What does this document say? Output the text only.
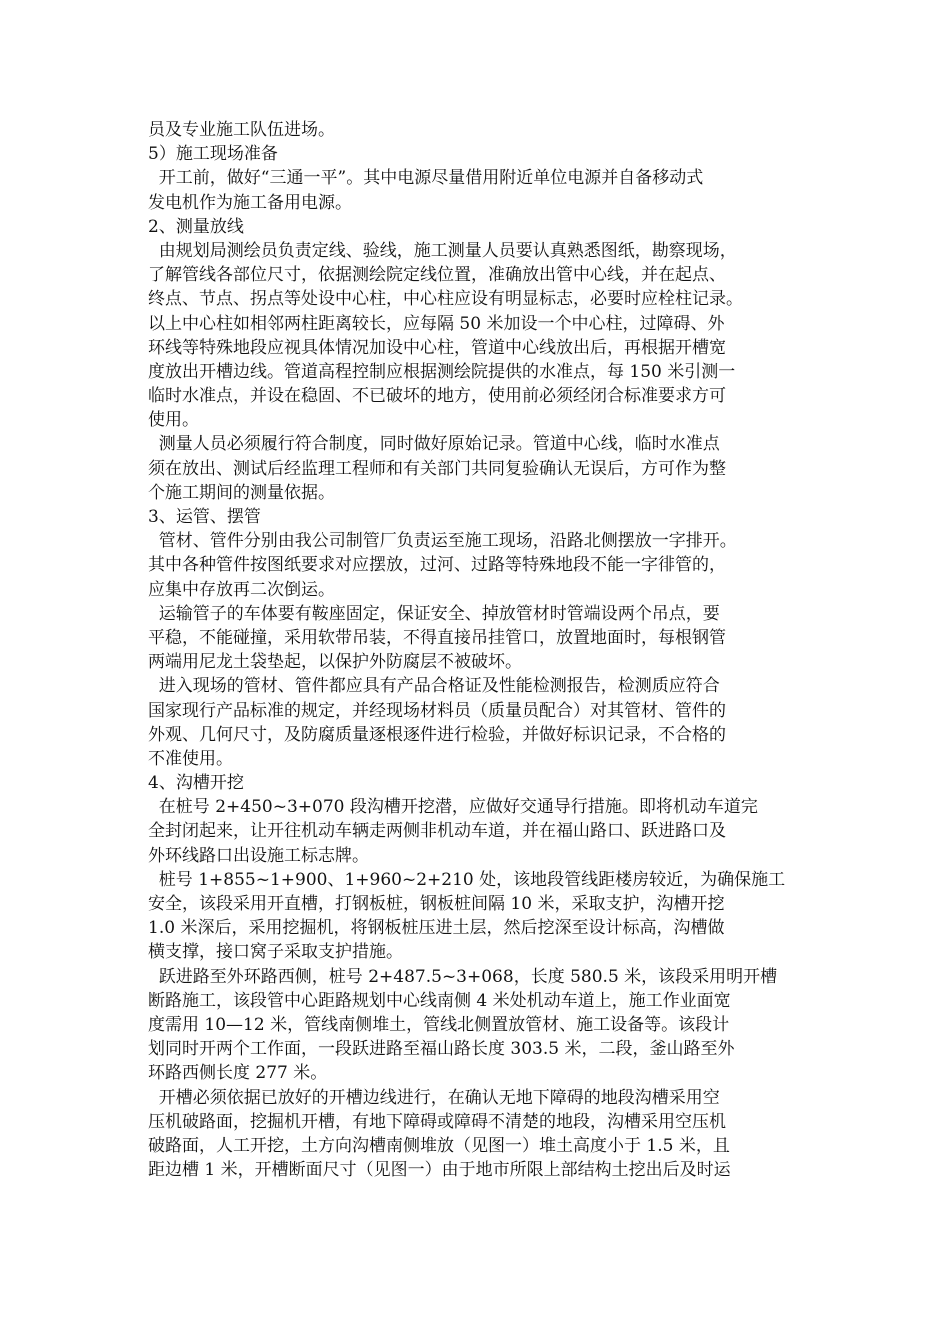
员及专业施工队伍进场。
5）施工现场准备
开工前，做好“三通一平”。其中电源尽量借用附近单位电源并自备移动式
发电机作为施工备用电源。
2、测量放线
由规划局测绘员负责定线、验线，施工测量人员要认真熟悉图纸，勘察现场，
了解管线各部位尺寸，依据测绘院定线位置，准确放出管中心线，并在起点、
终点、节点、拐点等处设中心柱，中心柱应设有明显标志，必要时应栓柱记录。
以上中心柱如相邻两柱距离较长，应每隔 50 米加设一个中心柱，过障碍、外
环线等特殊地段应视具体情况加设中心柱，管道中心线放出后，再根据开槽宽
度放出开槽边线。管道高程控制应根据测绘院提供的水准点，每 150 米引测一
临时水准点，并设在稳固、不已破坏的地方，使用前必须经闭合标准要求方可
使用。
测量人员必须履行符合制度，同时做好原始记录。管道中心线，临时水准点
须在放出、测试后经监理工程师和有关部门共同复验确认无误后，方可作为整
个施工期间的测量依据。
3、运管、摆管
管材、管件分别由我公司制管厂负责运至施工现场，沿路北侧摆放一字排开。
其中各种管件按图纸要求对应摆放，过河、过路等特殊地段不能一字徘管的，
应集中存放再二次倒运。
运输管子的车体要有鞍座固定，保证安全、掉放管材时管端设两个吊点，要
平稳，不能碰撞，采用软带吊装，不得直接吊挂管口，放置地面时，每根钢管
两端用尼龙土袋垫起，以保护外防腐层不被破坏。
进入现场的管材、管件都应具有产品合格证及性能检测报告，检测质应符合
国家现行产品标准的规定，并经现场材料员（质量员配合）对其管材、管件的
外观、几何尺寸，及防腐质量逐根逐件进行检验，并做好标识记录，不合格的
不准使用。
4、沟槽开挖
在桩号 2+450~3+070 段沟槽开挖潜，应做好交通导行措施。即将机动车道完
全封闭起来，让开往机动车辆走两侧非机动车道，并在福山路口、跃进路口及
外环线路口出设施工标志牌。
桩号 1+855~1+900、1+960~2+210 处，该地段管线距楼房较近，为确保施工
安全，该段采用开直槽，打钢板桩，钢板桩间隔 10 米，采取支护，沟槽开挖
1.0 米深后，采用挖掘机，将钢板桩压进土层，然后挖深至设计标高，沟槽做
横支撑，接口窝子采取支护措施。
跃进路至外环路西侧，桩号 2+487.5~3+068，长度 580.5 米，该段采用明开槽
断路施工，该段管中心距路规划中心线南侧 4 米处机动车道上，施工作业面宽
度需用 10—12 米，管线南侧堆土，管线北侧置放管材、施工设备等。该段计
划同时开两个工作面，一段跃进路至福山路长度 303.5 米，二段，釜山路至外
环路西侧长度 277 米。
开槽必须依据已放好的开槽边线进行，在确认无地下障碍的地段沟槽采用空
压机破路面，挖掘机开槽，有地下障碍或障碍不清楚的地段，沟槽采用空压机
破路面，人工开挖，土方向沟槽南侧堆放（见图一）堆土高度小于 1.5 米，且
距边槽 1 米，开槽断面尺寸（见图一）由于地市所限上部结构土挖出后及时运
